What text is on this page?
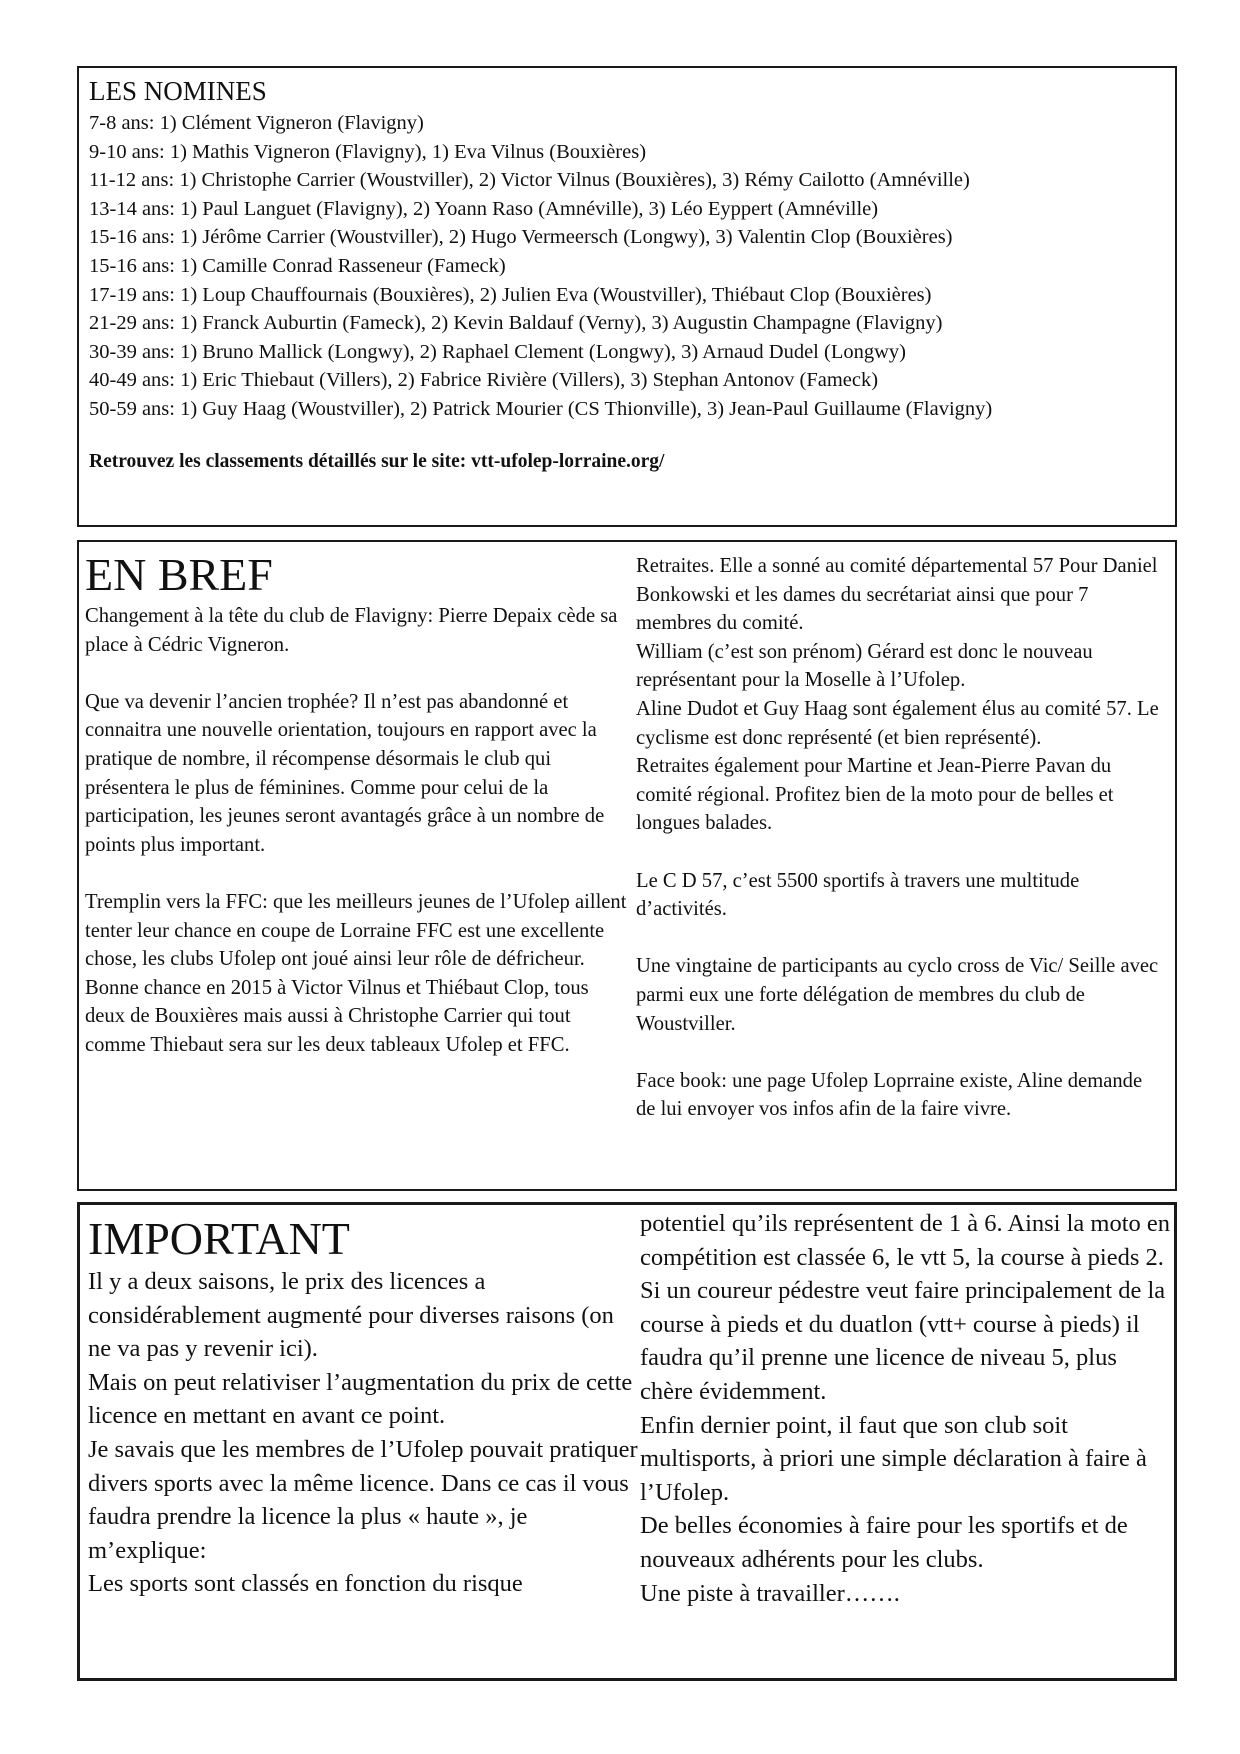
LES NOMINES

7-8 ans: 1) Clément Vigneron (Flavigny)

9-10 ans: 1) Mathis Vigneron (Flavigny), 1) Eva Vilnus (Bouxières)

11-12 ans: 1) Christophe Carrier (Woustviller), 2) Victor Vilnus (Bouxières), 3) Rémy Cailotto (Amnéville)

13-14 ans: 1) Paul Languet (Flavigny), 2) Yoann Raso (Amnéville), 3) Léo Eyppert (Amnéville)

15-16 ans: 1) Jérôme Carrier (Woustviller), 2) Hugo Vermeersch (Longwy), 3) Valentin Clop (Bouxières)

15-16 ans: 1) Camille Conrad Rasseneur (Fameck)

17-19 ans: 1) Loup Chauffournais (Bouxières), 2) Julien Eva (Woustviller), Thiébaut Clop (Bouxières)

21-29 ans: 1) Franck Auburtin (Fameck), 2) Kevin Baldauf (Verny), 3) Augustin Champagne (Flavigny)

30-39 ans: 1) Bruno Mallick (Longwy), 2) Raphael Clement (Longwy), 3) Arnaud Dudel (Longwy)

40-49 ans: 1) Eric Thiebaut (Villers), 2) Fabrice Rivière (Villers), 3) Stephan Antonov (Fameck)

50-59 ans: 1) Guy Haag (Woustviller), 2) Patrick Mourier (CS Thionville), 3) Jean-Paul Guillaume (Flavigny)

Retrouvez les classements détaillés sur le site: vtt-ufolep-lorraine.org/

EN BREF

Changement à la tête du club de Flavigny: Pierre Depaix cède sa place à Cédric Vigneron.

Que va devenir l’ancien trophée? Il n’est pas abandonné et connaitra une nouvelle orientation, toujours en rapport avec la pratique de nombre, il récompense désormais le club qui présentera le plus de féminines. Comme pour celui de la participation, les jeunes seront avantagés grâce à un nombre de points plus important.

Tremplin vers la FFC: que les meilleurs jeunes de l’Ufolep aillent tenter leur chance en coupe de Lorraine FFC est une excellente chose, les clubs Ufolep ont joué ainsi leur rôle de défricheur. Bonne chance en 2015 à Victor Vilnus et Thiébaut Clop, tous deux de Bouxières mais aussi à Christophe Carrier qui tout comme Thiebaut sera sur les deux tableaux Ufolep et FFC.

Retraites. Elle a sonné au comité départemental 57 Pour Daniel Bonkowski et les dames du secrétariat ainsi que pour 7 membres du comité.

William (c’est son prénom) Gérard est donc le nouveau représentant pour la Moselle à l’Ufolep.

Aline Dudot et Guy Haag sont également élus au comité 57. Le cyclisme est donc représenté (et bien représenté).

Retraites également pour Martine et Jean-Pierre Pavan du comité régional. Profitez bien de la moto pour de belles et longues balades.

Le C D 57, c’est 5500 sportifs à travers une multitude d’activités.

Une vingtaine de participants au cyclo cross de Vic/ Seille avec parmi eux une forte délégation de membres du club de Woustviller.

Face book: une page Ufolep Loprraine existe, Aline demande de lui envoyer vos infos afin de la faire vivre.

IMPORTANT

Il y a deux saisons, le prix des licences a considérablement augmenté pour diverses raisons (on ne va pas y revenir ici).

Mais on peut relativiser l’augmentation du prix de cette licence en mettant en avant ce point.

Je savais que les membres de l’Ufolep pouvait pratiquer divers sports avec la même licence. Dans ce cas il vous faudra prendre la licence la plus « haute », je m’explique:

Les sports sont classés en fonction du risque

potentiel qu’ils représentent de 1 à 6. Ainsi la moto en compétition est classée 6, le vtt 5, la course à pieds 2. Si un coureur pédestre veut faire principalement de la course à pieds et du duatlon (vtt+ course à pieds) il faudra qu’il prenne une licence de niveau 5, plus chère évidemment.

Enfin dernier point, il faut que son club soit multisports, à priori une simple déclaration à faire à l’Ufolep.

De belles économies à faire pour les sportifs et de nouveaux adhérents pour les clubs.

Une piste à travailler…….
